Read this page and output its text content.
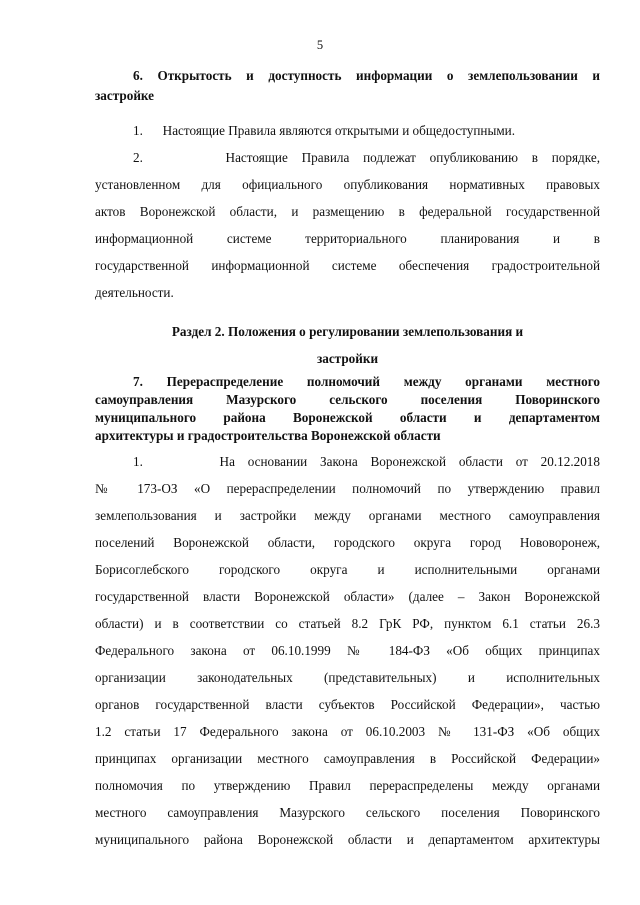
5
6. Открытость и доступность информации о землепользовании и
застройке
1.      Настоящие Правила являются открытыми и общедоступными.
2.      Настоящие Правила подлежат опубликованию в порядке,
установленном для официального опубликования нормативных правовых
актов Воронежской области, и размещению в федеральной государственной
информационной системе территориального планирования и в
государственной информационной системе обеспечения градостроительной
деятельности.
Раздел 2. Положения о регулировании землепользования и
застройки
7. Перераспределение полномочий между органами местного
самоуправления Мазурского сельского поселения Поворинского
муниципального района Воронежской области и департаментом
архитектуры и градостроительства Воронежской области
1.      На основании Закона Воронежской области от 20.12.2018
№ 173-ОЗ «О перераспределении полномочий по утверждению правил
землепользования и застройки между органами местного самоуправления
поселений Воронежской области, городского округа город Нововоронеж,
Борисоглебского городского округа и исполнительными органами
государственной власти Воронежской области» (далее – Закон Воронежской
области) и в соответствии со статьей 8.2 ГрК РФ, пунктом 6.1 статьи 26.3
Федерального закона от 06.10.1999 № 184-ФЗ «Об общих принципах
организации законодательных (представительных) и исполнительных
органов государственной власти субъектов Российской Федерации», частью
1.2 статьи 17 Федерального закона от 06.10.2003 № 131-ФЗ «Об общих
принципах организации местного самоуправления в Российской Федерации»
полномочия по утверждению Правил перераспределены между органами
местного самоуправления Мазурского сельского поселения Поворинского
муниципального района Воронежской области и департаментом архитектуры
